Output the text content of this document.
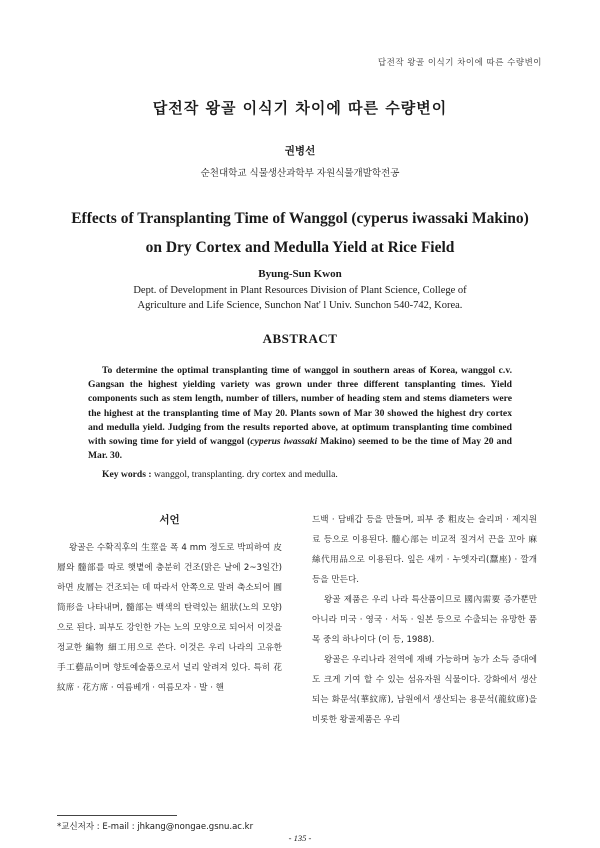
답전작 왕골 이식기 차이에 따른 수량변이
답전작 왕골 이식기 차이에 따른 수량변이
권병선
순천대학교 식물생산과학부 자원식물개발학전공
Effects of Transplanting Time of Wanggol (cyperus iwassaki Makino)
on Dry Cortex and Medulla Yield at Rice Field
Byung-Sun Kwon
Dept. of Development in Plant Resources Division of Plant Science, College of
Agriculture and Life Science, Sunchon Nat' l Univ. Sunchon 540-742, Korea.
ABSTRACT
To determine the optimal transplanting time of wanggol in southern areas of Korea, wanggol c.v. Gangsan the highest yielding variety was grown under three different tansplanting times. Yield components such as stem length, number of tillers, number of heading stem and stems diameters were the highest at the transplanting time of May 20. Plants sown of Mar 30 showed the highest dry cortex and medulla yield. Judging from the results reported above, at optimum transplanting time combined with sowing time for yield of wanggol (cyperus iwassaki Makino) seemed to be the time of May 20 and Mar. 30.
Key words : wanggol, transplanting. dry cortex and medulla.
서언

왕골은 수확직후의 生莖을 폭 4 mm 정도로 박피하여 皮層와 髓部를 따로 햇볕에 충분히 건조(맑은 날에 2~3일간)하면 皮層는 건조되는 데 따라서 안쪽으로 말려 축소되어 圓筒形을 나타내며, 髓部는 백색의 탄력있는 紐狀(노의 모양)으로 된다. 피부도 강인한 가는 노의 모양으로 되어서 이것을 정교한 編物 細工用으로 쓴다. 이것은 우리 나라의 고유한 手工藝品이며 향토예술품으로서 널리 알려져 있다. 특히 花紋席 · 花方席 · 여름베개 · 여름모자 · 발 · 핸

드백 · 담배갑 등을 만들며, 피부 중 粗皮는 슬리퍼 · 제지원료 등으로 이용된다. 髓心部는 비교적 질겨서 끈을 꼬아 麻絲代用品으로 이용된다. 잎은 새끼 · 누엣자리(蠶座) · 깔개 등을 만든다.

왕골 제품은 우리 나라 특산품이므로 國內需要 증가뿐만 아니라 미국 · 영국 · 서독 · 일본 등으로 수출되는 유망한 품목 중의 하나이다 (이 등, 1988).

왕골은 우리나라 전역에 재배 가능하며 농가 소득 증대에도 크게 기여 할 수 있는 섬유자원 식물이다. 강화에서 생산되는 화문석(華紋席), 남원에서 생산되는 용문석(龍紋席)을 비롯한 왕골제품은 우리

*교신저자 : E-mail : jhkang@nongae.gsnu.ac.kr
- 135 -
